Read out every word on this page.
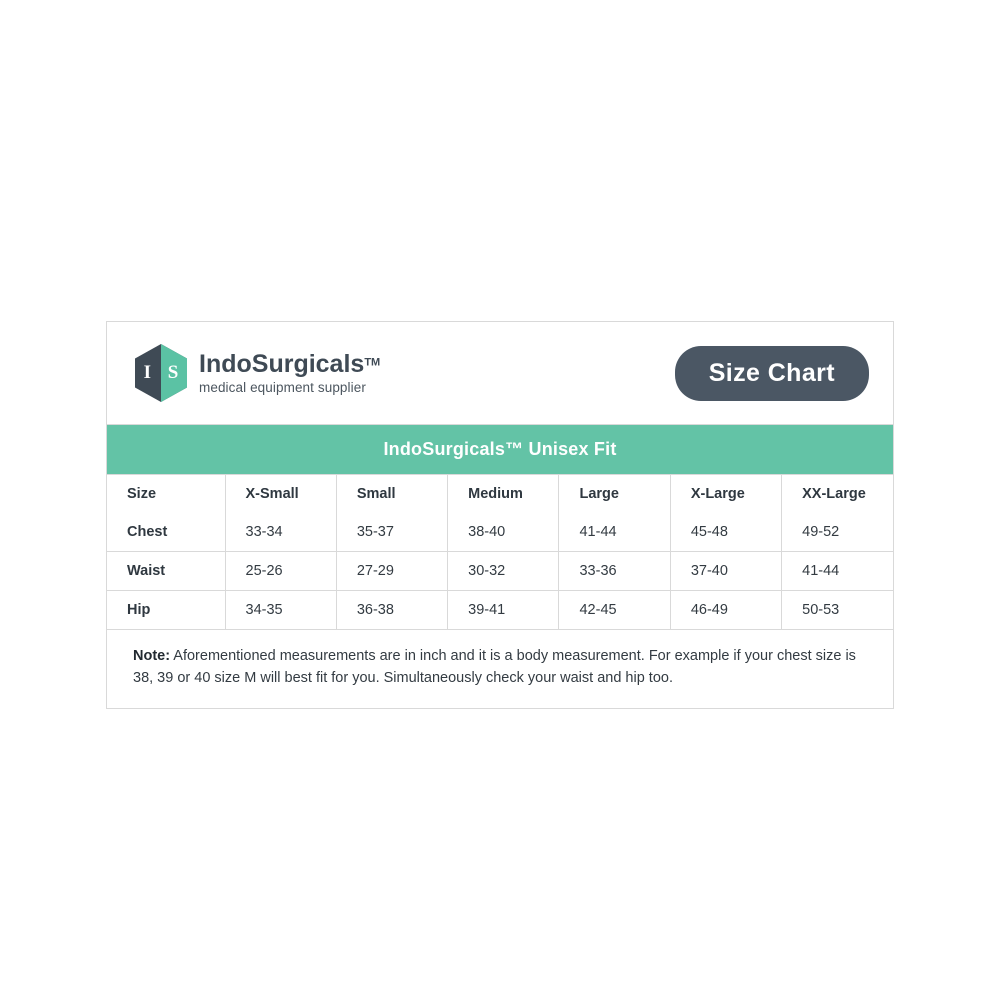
I S IndoSurgicals™
medical equipment supplier
Size Chart
IndoSurgicals™ Unisex Fit
Size	X-Small	Small	Medium	Large	X-Large	XX-Large
Chest	33-34	35-37	38-40	41-44	45-48	49-52
Waist	25-26	27-29	30-32	33-36	37-40	41-44
Hip	34-35	36-38	39-41	42-45	46-49	50-53
Note: Aforementioned measurements are in inch and it is a body measurement. For example if your chest size is 38, 39 or 40 size M will best fit for you. Simultaneously check your waist and hip too.
